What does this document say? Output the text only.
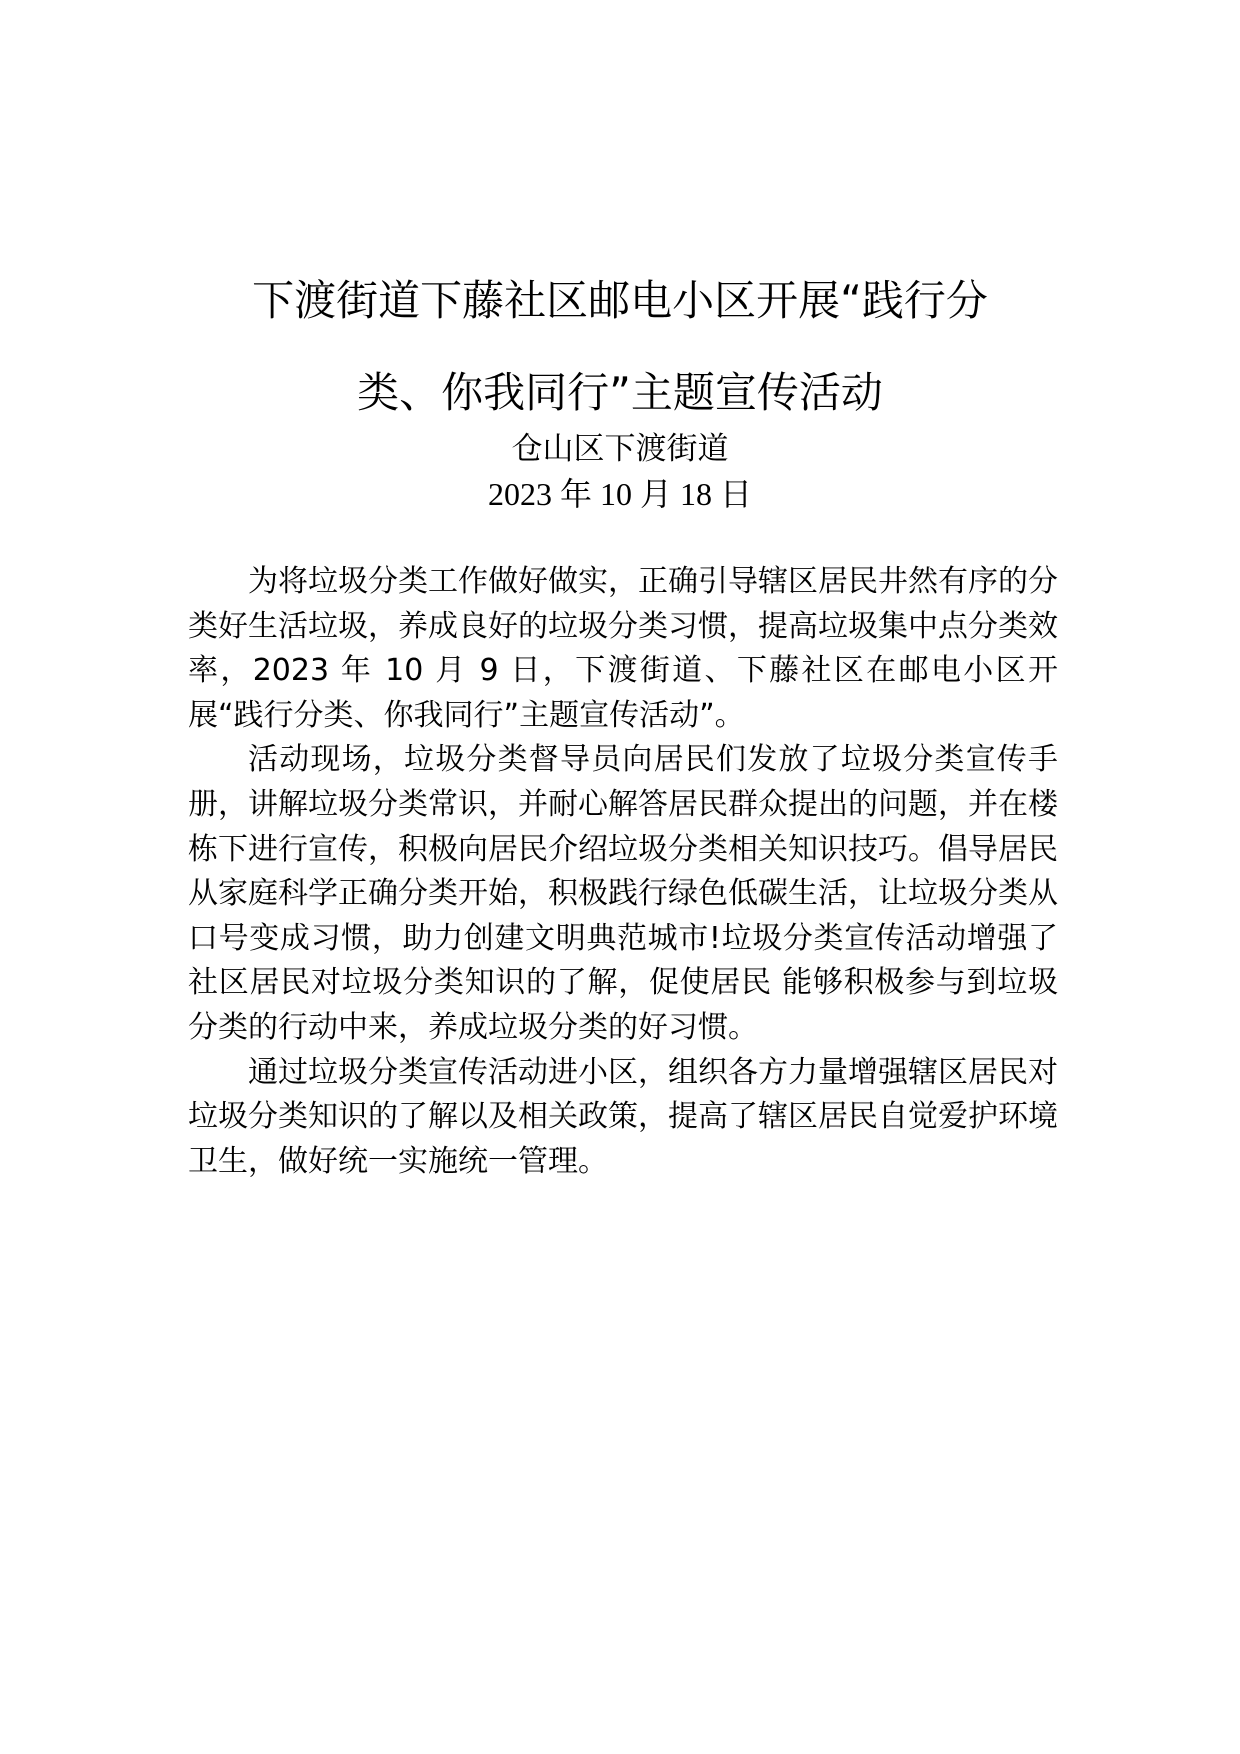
下渡街道下藤社区邮电小区开展“践行分
类、你我同行”主题宣传活动
仓山区下渡街道
2023 年 10 月 18 日

为将垃圾分类工作做好做实，正确引导辖区居民井然有序的分类好生活垃圾，养成良好的垃圾分类习惯，提高垃圾集中点分类效率，2023 年 10 月 9 日，下渡街道、下藤社区在邮电小区开展“践行分类、你我同行”主题宣传活动”。

活动现场，垃圾分类督导员向居民们发放了垃圾分类宣传手册，讲解垃圾分类常识，并耐心解答居民群众提出的问题，并在楼栋下进行宣传，积极向居民介绍垃圾分类相关知识技巧。倡导居民从家庭科学正确分类开始，积极践行绿色低碳生活，让垃圾分类从口号变成习惯，助力创建文明典范城市!垃圾分类宣传活动增强了社区居民对垃圾分类知识的了解，促使居民 能够积极参与到垃圾分类的行动中来，养成垃圾分类的好习惯。

通过垃圾分类宣传活动进小区，组织各方力量增强辖区居民对垃圾分类知识的了解以及相关政策，提高了辖区居民自觉爱护环境卫生，做好统一实施统一管理。
